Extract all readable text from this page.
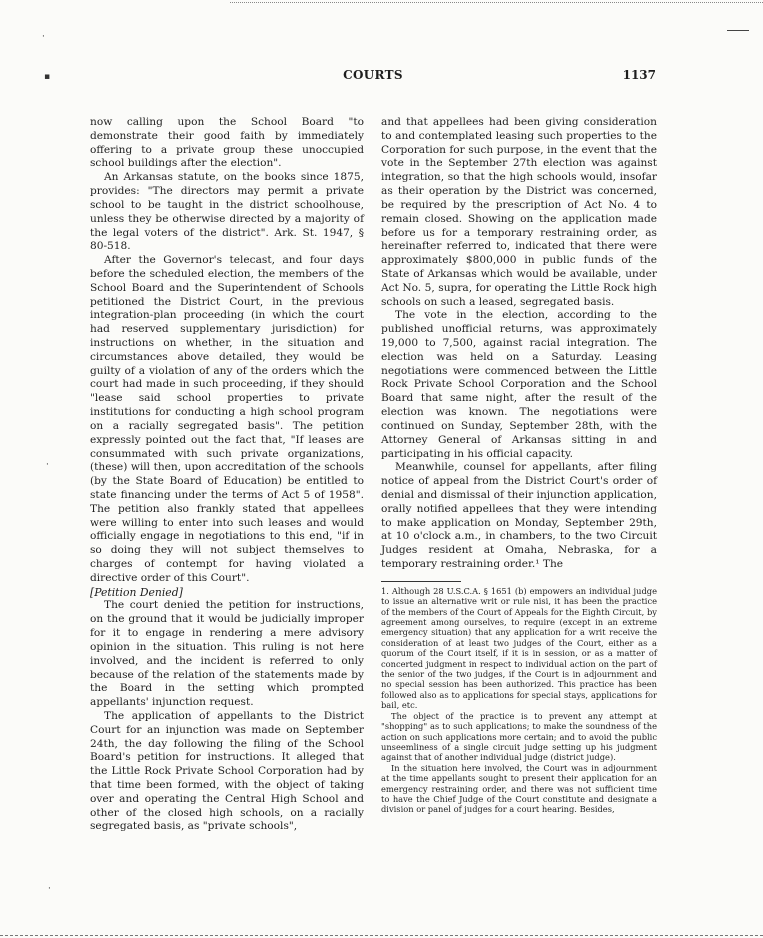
▪
·
·
·
COURTS	1137

now calling upon the School Board "to demonstrate their good faith by immediately offering to a private group these unoccupied school buildings after the election".

An Arkansas statute, on the books since 1875, provides: "The directors may permit a private school to be taught in the district schoolhouse, unless they be otherwise directed by a majority of the legal voters of the district". Ark. St. 1947, § 80-518.

After the Governor's telecast, and four days before the scheduled election, the members of the School Board and the Superintendent of Schools petitioned the District Court, in the previous integration-plan proceeding (in which the court had reserved supplementary jurisdiction) for instructions on whether, in the situation and circumstances above detailed, they would be guilty of a violation of any of the orders which the court had made in such proceeding, if they should "lease said school properties to private institutions for conducting a high school program on a racially segregated basis". The petition expressly pointed out the fact that, "If leases are consummated with such private organizations, (these) will then, upon accreditation of the schools (by the State Board of Education) be entitled to state financing under the terms of Act 5 of 1958". The petition also frankly stated that appellees were willing to enter into such leases and would officially engage in negotiations to this end, "if in so doing they will not subject themselves to charges of contempt for having violated a directive order of this Court".

[Petition Denied]

The court denied the petition for instructions, on the ground that it would be judicially improper for it to engage in rendering a mere advisory opinion in the situation. This ruling is not here involved, and the incident is referred to only because of the relation of the statements made by the Board in the setting which prompted appellants' injunction request.

The application of appellants to the District Court for an injunction was made on September 24th, the day following the filing of the School Board's petition for instructions. It alleged that the Little Rock Private School Corporation had by that time been formed, with the object of taking over and operating the Central High School and other of the closed high schools, on a racially segregated basis, as "private schools",

and that appellees had been giving consideration to and contemplated leasing such properties to the Corporation for such purpose, in the event that the vote in the September 27th election was against integration, so that the high schools would, insofar as their operation by the District was concerned, be required by the prescription of Act No. 4 to remain closed. Showing on the application made before us for a temporary restraining order, as hereinafter referred to, indicated that there were approximately $800,000 in public funds of the State of Arkansas which would be available, under Act No. 5, supra, for operating the Little Rock high schools on such a leased, segregated basis.

The vote in the election, according to the published unofficial returns, was approximately 19,000 to 7,500, against racial integration. The election was held on a Saturday. Leasing negotiations were commenced between the Little Rock Private School Corporation and the School Board that same night, after the result of the election was known. The negotiations were continued on Sunday, September 28th, with the Attorney General of Arkansas sitting in and participating in his official capacity.

Meanwhile, counsel for appellants, after filing notice of appeal from the District Court's order of denial and dismissal of their injunction application, orally notified appellees that they were intending to make application on Monday, September 29th, at 10 o'clock a.m., in chambers, to the two Circuit Judges resident at Omaha, Nebraska, for a temporary restraining order.¹ The

1. Although 28 U.S.C.A. § 1651 (b) empowers an individual judge to issue an alternative writ or rule nisi, it has been the practice of the members of the Court of Appeals for the Eighth Circuit, by agreement among ourselves, to require (except in an extreme emergency situation) that any application for a writ receive the consideration of at least two judges of the Court, either as a quorum of the Court itself, if it is in session, or as a matter of concerted judgment in respect to individual action on the part of the senior of the two judges, if the Court is in adjournment and no special session has been authorized. This practice has been followed also as to applications for special stays, applications for bail, etc.

The object of the practice is to prevent any attempt at "shopping" as to such applications; to make the soundness of the action on such applications more certain; and to avoid the public unseemliness of a single circuit judge setting up his judgment against that of another individual judge (district judge).

In the situation here involved, the Court was in adjournment at the time appellants sought to present their application for an emergency restraining order, and there was not sufficient time to have the Chief Judge of the Court constitute and designate a division or panel of judges for a court hearing. Besides,
